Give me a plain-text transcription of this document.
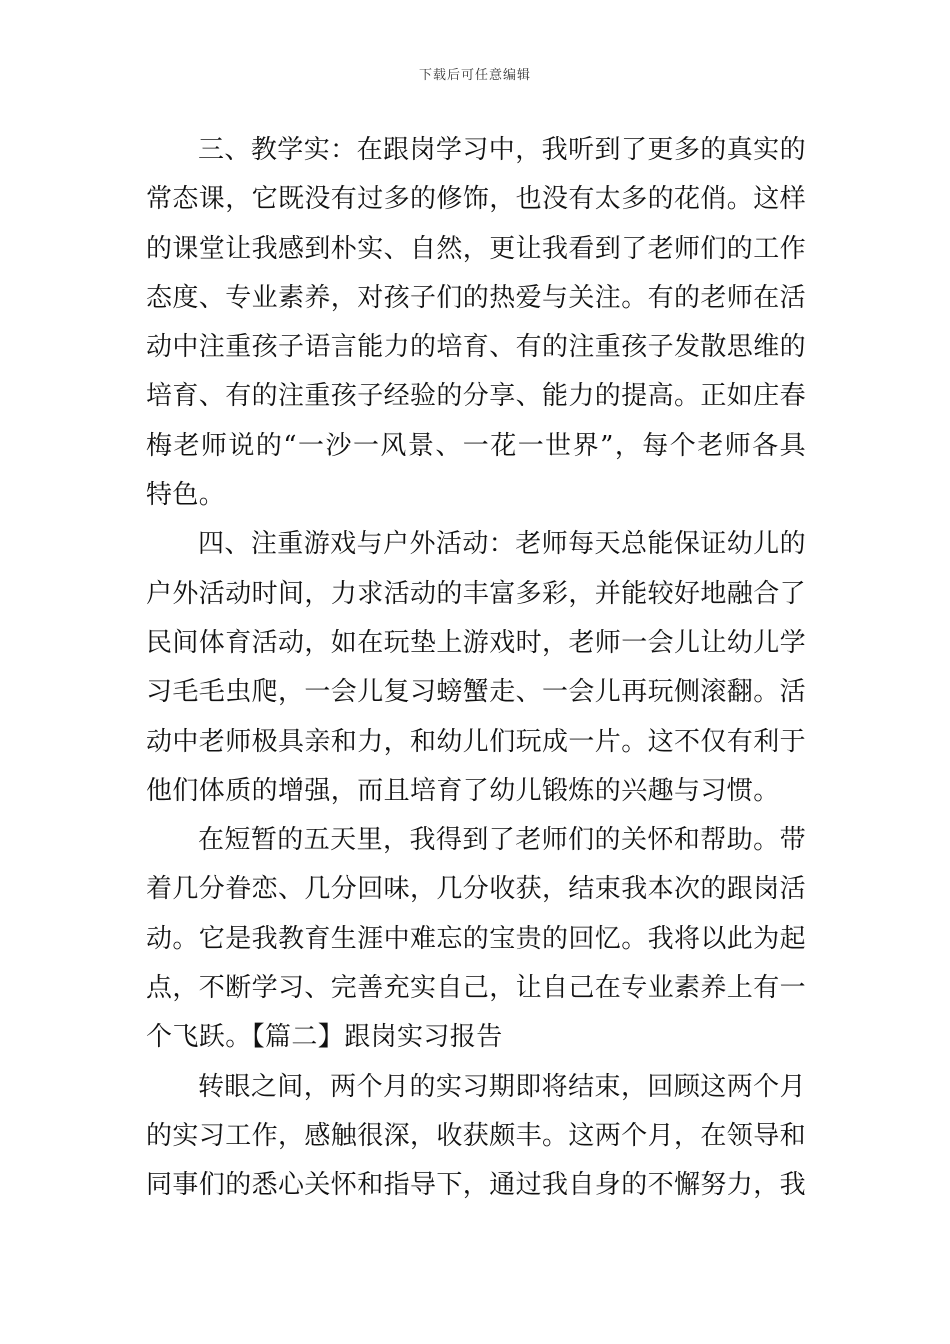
下载后可任意编辑

三、教学实：在跟岗学习中，我听到了更多的真实的常态课，它既没有过多的修饰，也没有太多的花俏。这样的课堂让我感到朴实、自然，更让我看到了老师们的工作态度、专业素养，对孩子们的热爱与关注。有的老师在活动中注重孩子语言能力的培育、有的注重孩子发散思维的培育、有的注重孩子经验的分享、能力的提高。正如庄春梅老师说的“一沙一风景、一花一世界”，每个老师各具特色。

四、注重游戏与户外活动：老师每天总能保证幼儿的户外活动时间，力求活动的丰富多彩，并能较好地融合了民间体育活动，如在玩垫上游戏时，老师一会儿让幼儿学习毛毛虫爬，一会儿复习螃蟹走、一会儿再玩侧滚翻。活动中老师极具亲和力，和幼儿们玩成一片。这不仅有利于他们体质的增强，而且培育了幼儿锻炼的兴趣与习惯。

在短暂的五天里，我得到了老师们的关怀和帮助。带着几分眷恋、几分回味，几分收获，结束我本次的跟岗活动。它是我教育生涯中难忘的宝贵的回忆。我将以此为起点，不断学习、完善充实自己，让自己在专业素养上有一个飞跃。【篇二】跟岗实习报告

转眼之间，两个月的实习期即将结束，回顾这两个月的实习工作，感触很深，收获颇丰。这两个月，在领导和同事们的悉心关怀和指导下，通过我自身的不懈努力，我
